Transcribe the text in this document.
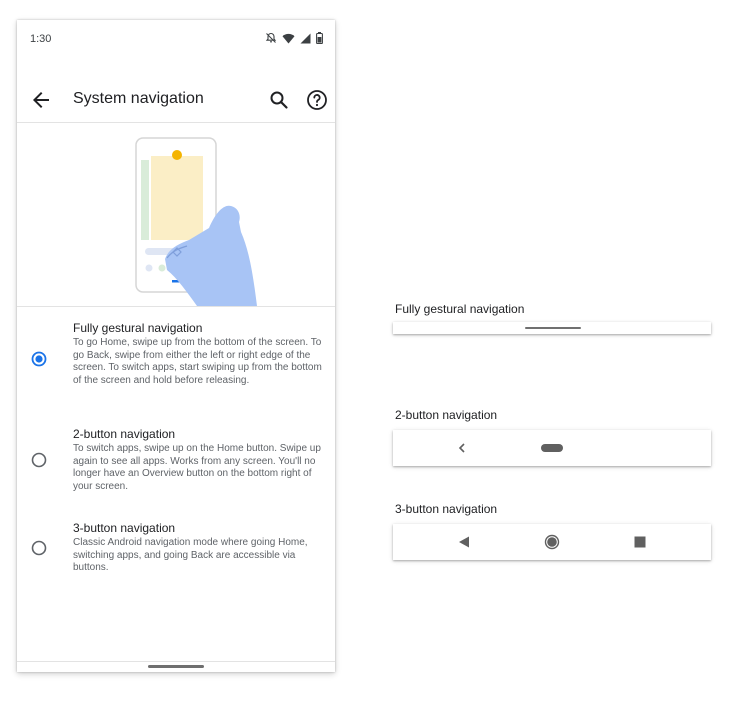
1:30
System navigation
Fully gestural navigation
To go Home, swipe up from the bottom of the screen. To go Back, swipe from either the left or right edge of the screen. To switch apps, start swiping up from the bottom of the screen and hold before releasing.
2-button navigation
To switch apps, swipe up on the Home button. Swipe up again to see all apps. Works from any screen. You'll no longer have an Overview button on the bottom right of your screen.
3-button navigation
Classic Android navigation mode where going Home, switching apps, and going Back are accessible via buttons.
Fully gestural navigation
2-button navigation
3-button navigation
